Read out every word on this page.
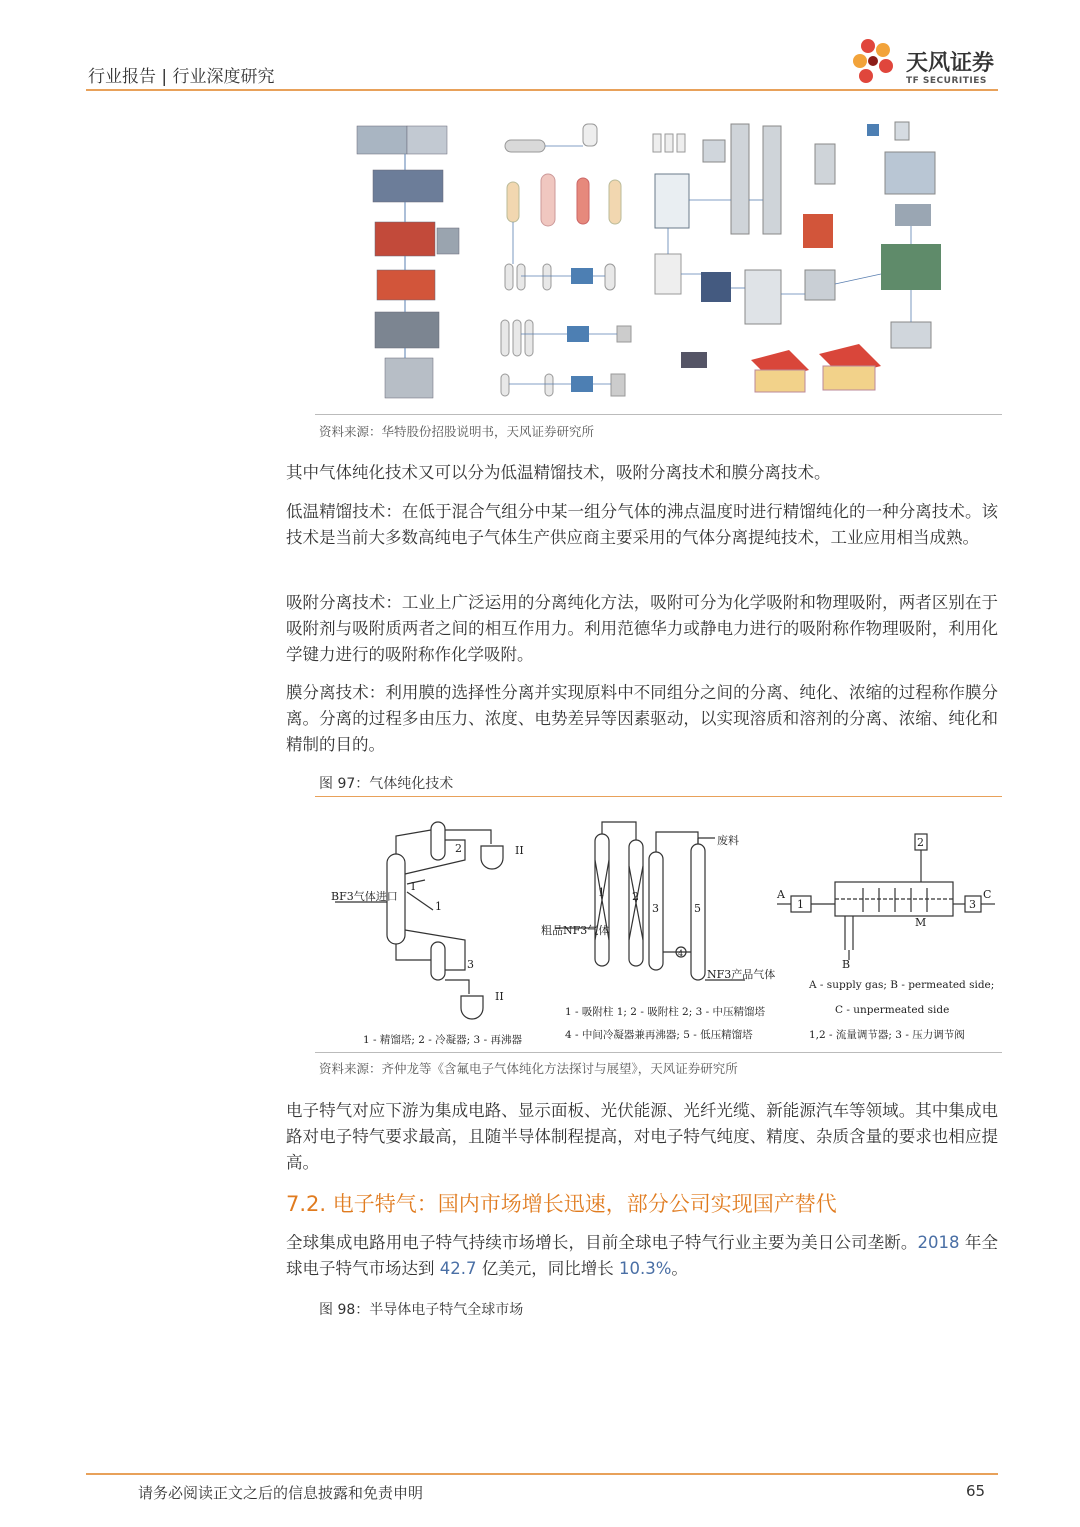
行业报告 | 行业深度研究
天风证券
TF SECURITIES
资料来源：华特股份招股说明书，天风证券研究所

其中气体纯化技术又可以分为低温精馏技术，吸附分离技术和膜分离技术。

低温精馏技术：在低于混合气组分中某一组分气体的沸点温度时进行精馏纯化的一种分离技术。该技术是当前大多数高纯电子气体生产供应商主要采用的气体分离提纯技术，工业应用相当成熟。

吸附分离技术：工业上广泛运用的分离纯化方法，吸附可分为化学吸附和物理吸附，两者区别在于吸附剂与吸附质两者之间的相互作用力。利用范德华力或静电力进行的吸附称作物理吸附，利用化学键力进行的吸附称作化学吸附。

膜分离技术：利用膜的选择性分离并实现原料中不同组分之间的分离、纯化、浓缩的过程称作膜分离。分离的过程多由压力、浓度、电势差异等因素驱动，以实现溶质和溶剂的分离、浓缩、纯化和精制的目的。

图 97：气体纯化技术
BF3气体进口
I
II
II
1
2
3
1 - 精馏塔; 2 - 冷凝器; 3 - 再沸器
废料
粗品NF3气体
NF3产品气体
1 2
3
4
5
1 - 吸附柱 1; 2 - 吸附柱 2; 3 - 中压精馏塔
4 - 中间冷凝器兼再沸器; 5 - 低压精馏塔
A
B
C
M
1
2
3
A - supply gas; B - permeated side;
C - unpermeated side
1,2 - 流量调节器; 3 - 压力调节阀
资料来源：齐仲龙等《含氟电子气体纯化方法探讨与展望》，天风证券研究所

电子特气对应下游为集成电路、显示面板、光伏能源、光纤光缆、新能源汽车等领域。其中集成电路对电子特气要求最高，且随半导体制程提高，对电子特气纯度、精度、杂质含量的要求也相应提高。

7.2. 电子特气：国内市场增长迅速，部分公司实现国产替代

全球集成电路用电子特气持续市场增长，目前全球电子特气行业主要为美日公司垄断。2018 年全球电子特气市场达到 42.7 亿美元，同比增长 10.3%。

图 98：半导体电子特气全球市场
请务必阅读正文之后的信息披露和免责申明	65
